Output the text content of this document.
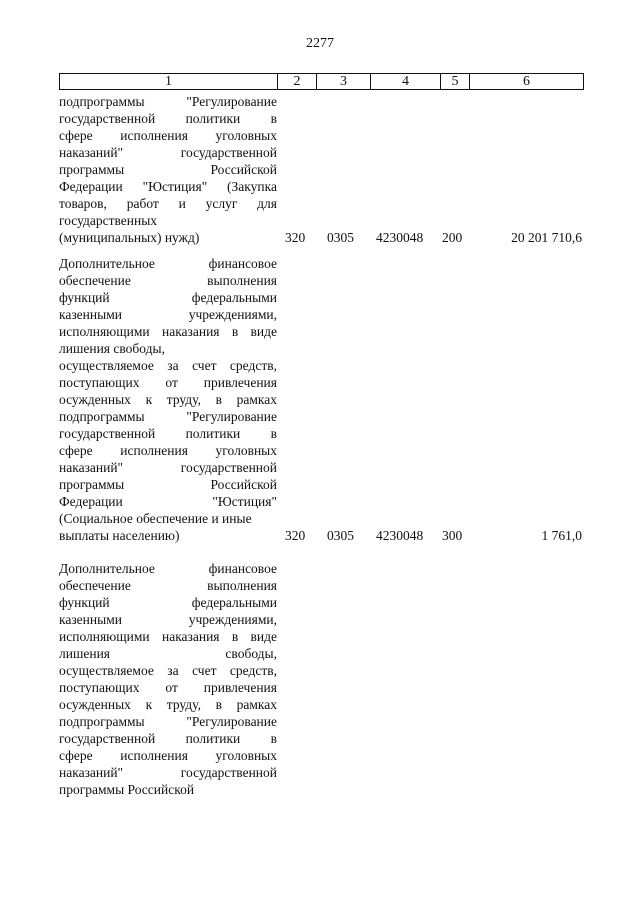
2277
1	2	3	4	5	6
подпрограммы "Регулирование
государственной политики в
сфере исполнения уголовных
наказаний" государственной
программы Российской
Федерации "Юстиция" (Закупка
товаров, работ и услуг для
государственных
(муниципальных) нужд)	320 0305 4230048 200	20 201 710,6
Дополнительное финансовое
обеспечение выполнения
функций федеральными
казенными учреждениями,
исполняющими наказания в виде
лишения свободы,
осуществляемое за счет средств,
поступающих от привлечения
осужденных к труду, в рамках
подпрограммы "Регулирование
государственной политики в
сфере исполнения уголовных
наказаний" государственной
программы Российской
Федерации "Юстиция"
(Социальное обеспечение и иные
выплаты населению)	320 0305 4230048 300	1 761,0
Дополнительное финансовое
обеспечение выполнения
функций федеральными
казенными учреждениями,
исполняющими наказания в виде
лишения свободы,
осуществляемое за счет средств,
поступающих от привлечения
осужденных к труду, в рамках
подпрограммы "Регулирование
государственной политики в
сфере исполнения уголовных
наказаний" государственной
программы Российской
